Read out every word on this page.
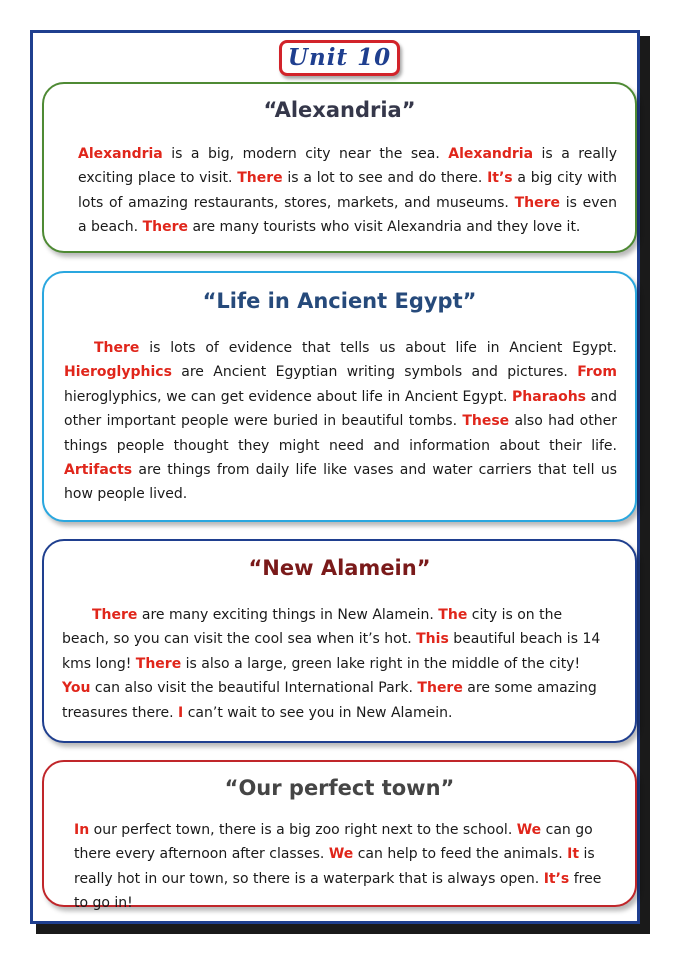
Unit 10
“Alexandria”

Alexandria is a big, modern city near the sea. Alexandria is a really exciting place to visit. There is a lot to see and do there. It’s a big city with lots of amazing restaurants, stores, markets, and museums. There is even a beach. There are many tourists who visit Alexandria and they love it.

“Life in Ancient Egypt”

There is lots of evidence that tells us about life in Ancient Egypt. Hieroglyphics are Ancient Egyptian writing symbols and pictures. From hieroglyphics, we can get evidence about life in Ancient Egypt. Pharaohs and other important people were buried in beautiful tombs. These also had other things people thought they might need and information about their life. Artifacts are things from daily life like vases and water carriers that tell us how people lived.

“New Alamein”

There are many exciting things in New Alamein. The city is on the beach, so you can visit the cool sea when it’s hot. This beautiful beach is 14 kms long! There is also a large, green lake right in the middle of the city! You can also visit the beautiful International Park. There are some amazing treasures there. I can’t wait to see you in New Alamein.

“Our perfect town”

In our perfect town, there is a big zoo right next to the school. We can go there every afternoon after classes. We can help to feed the animals. It is really hot in our town, so there is a waterpark that is always open. It’s free to go in!
